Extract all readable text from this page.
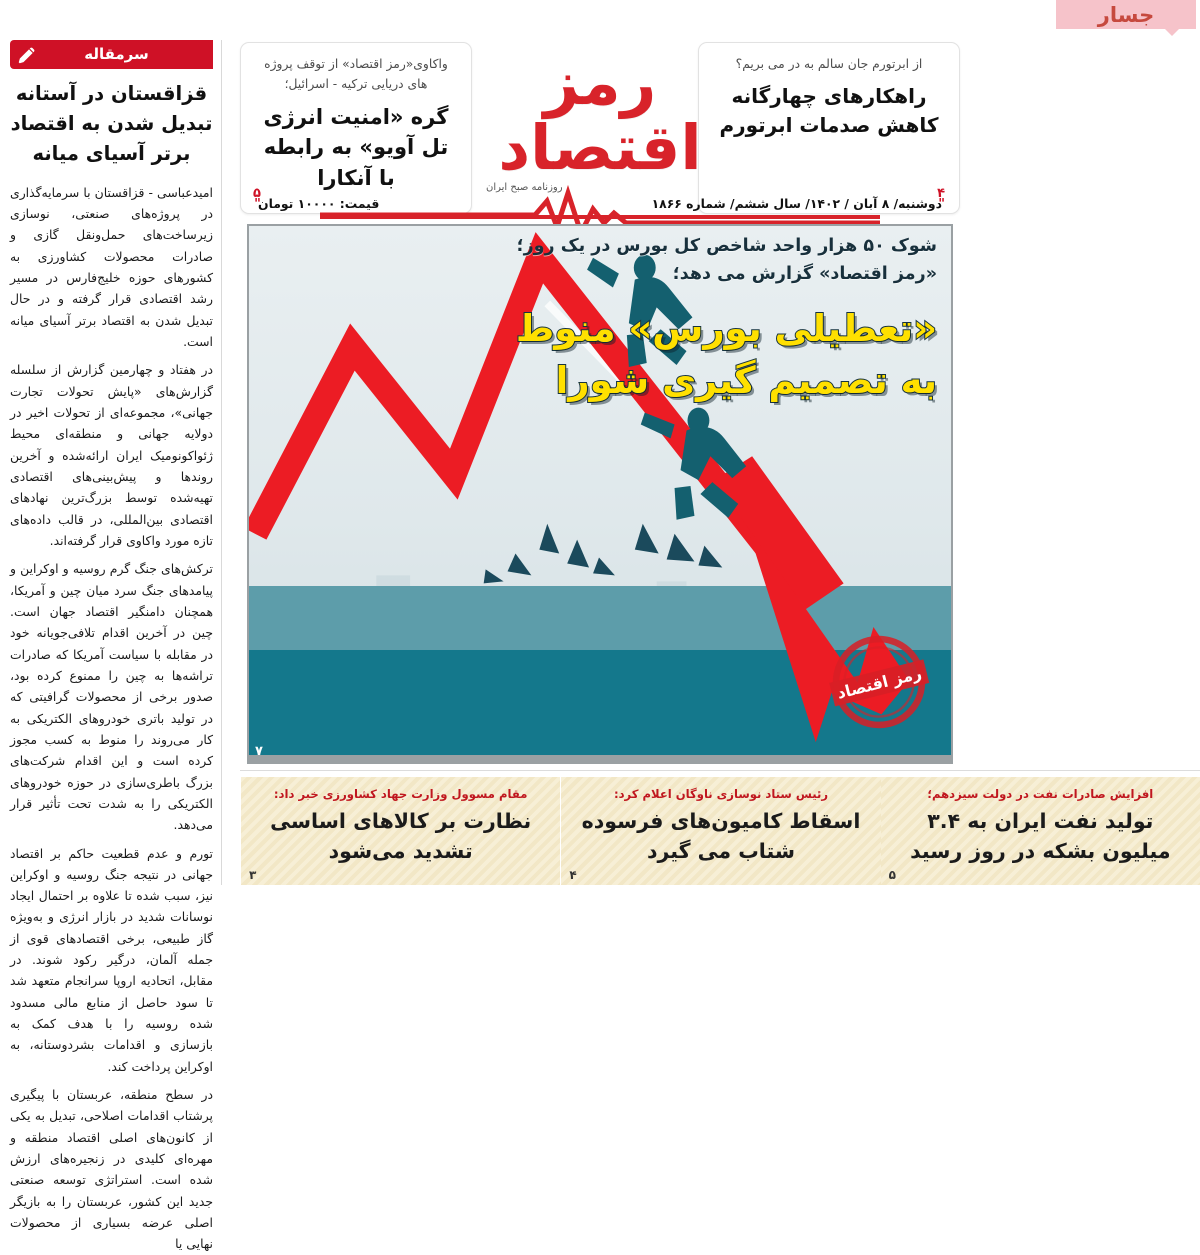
جسار
سرمقاله
قزاقستان در آستانه تبدیل شدن به اقتصاد برتر آسیای میانه

امیدعباسی - قزاقستان با سرمایه‌گذاری در پروژه‌های صنعتی، نوسازی زیرساخت‌های حمل‌ونقل گازی و صادرات محصولات کشاورزی به کشورهای حوزه خلیج‌فارس در مسیر رشد اقتصادی قرار گرفته و در حال تبدیل شدن به اقتصاد برتر آسیای میانه است.

در هفتاد و چهارمین گزارش از سلسله گزارش‌های «پایش تحولات تجارت جهانی»، مجموعه‌ای از تحولات اخیر در دولایه جهانی و منطقه‌ای محیط ژئواکونومیک ایران ارائه‌شده و آخرین روندها و پیش‌بینی‌های اقتصادی تهیه‌شده توسط بزرگ‌ترین نهادهای اقتصادی بین‌المللی، در قالب داده‌های تازه مورد واکاوی قرار گرفته‌اند.

ترکش‌های جنگ گرم روسیه و اوکراین و پیامدهای جنگ سرد میان چین و آمریکا، همچنان دامنگیر اقتصاد جهان است. چین در آخرین اقدام تلافی‌جویانه خود در مقابله با سیاست آمریکا که صادرات تراشه‌ها به چین را ممنوع کرده بود، صدور برخی از محصولات گرافیتی که در تولید باتری خودروهای الکتریکی به کار می‌روند را منوط به کسب مجوز کرده است و این اقدام شرکت‌های بزرگ باطری‌سازی در حوزه خودروهای الکتریکی را به شدت تحت تأثیر قرار می‌دهد.

تورم و عدم قطعیت حاکم بر اقتصاد جهانی در نتیجه جنگ روسیه و اوکراین نیز، سبب شده تا علاوه بر احتمال ایجاد نوسانات شدید در بازار انرژی و به‌ویژه گاز طبیعی، برخی اقتصادهای قوی از جمله آلمان، درگیر رکود شوند. در مقابل، اتحادیه اروپا سرانجام متعهد شد تا سود حاصل از منابع مالی مسدود شده روسیه را با هدف کمک به بازسازی و اقدامات بشردوستانه، به اوکراین پرداخت کند.

در سطح منطقه، عربستان با پیگیری پرشتاب اقدامات اصلاحی، تبدیل به یکی از کانون‌های اصلی اقتصاد منطقه و مهره‌ای کلیدی در زنجیره‌های ارزش شده است. استراتژی توسعه صنعتی جدید این کشور، عربستان را به بازیگر اصلی عرضه بسیاری از محصولات نهایی یا

واکاوی«رمز اقتصاد» از توقف پروژه های دریایی ترکیه - اسرائیل؛
گره «امنیت انرژی تل آویو» به رابطه با آنکارا
۵ "
از ابرتورم جان سالم به در می بریم؟
راهکارهای چهارگانه کاهش صدمات ابرتورم
۴ "
رمز اقتصاد
روزنامه صبح ایران
دوشنبه/ ۸ آبان / ۱۴۰۲/ سال ششم/ شماره ۱۸۶۶
قیمت: ۱۰۰۰۰ تومان
شوک ۵۰ هزار واحد شاخص کل بورس در یک روز؛ «رمز اقتصاد» گزارش می دهد؛
«تعطیلی بورس» منوط به تصمیم گیری شورا
رمز اقتصاد
۷
مقام مسوول وزارت جهاد کشاورزی خبر داد:
نظارت بر کالاهای اساسی تشدید می‌شود
۳
رئیس ستاد نوسازی ناوگان اعلام کرد:
اسقاط کامیون‌های فرسوده شتاب می گیرد
۴
افزایش صادرات نفت در دولت سیزدهم؛
تولید نفت ایران به ۳.۴ میلیون بشکه در روز رسید
۵
